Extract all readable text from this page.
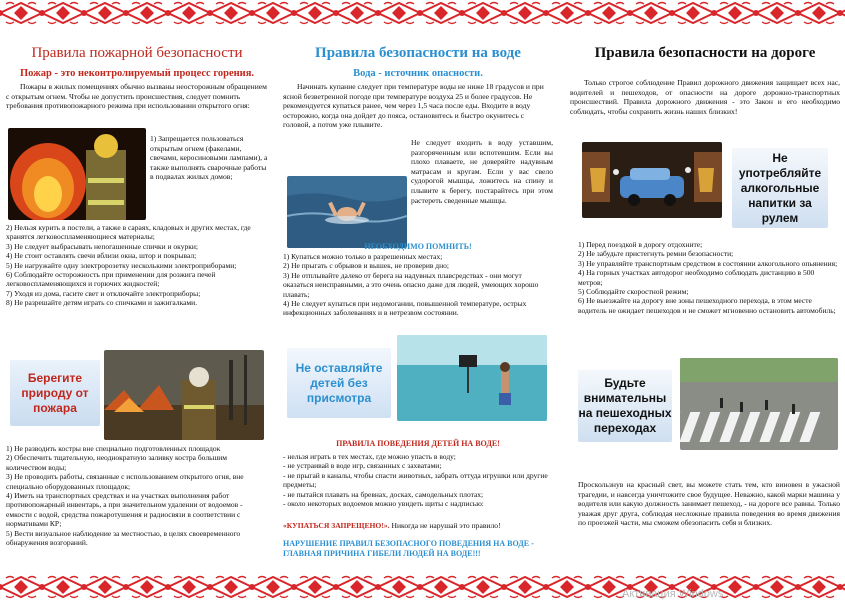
Правила пожарной безопасности
Пожар - это неконтролируемый процесс горения.

Пожары в жилых помещениях обычно вызваны неосторожным обращением с открытым огнем. Чтобы не допустить происшествия, следует помнить требования противопожарного режима при использовании открытого огня:

1) Запрещается пользоваться открытым огнем (факелами, свечами, керосиновыми лампами), а также выполнять сварочные работы в подвалах жилых домов;

2) Нельзя курить в постели, а также в сараях, кладовых и других местах, где хранятся легковоспламеняющиеся материалы;
3) Не следует выбрасывать непогашенные спички и окурки;
4) Не стоит оставлять свечи вблизи окна, штор и покрывал;
5) Не нагружайте одну электророзетку несколькими электроприборами;
6) Соблюдайте осторожность при применении для розжига печей легковоспламеняющихся и горючих жидкостей;
7) Уходя из дома, гасите свет и отключайте электроприборы;
8) Не разрешайте детям играть со спичками и зажигалками.
Берегите природу от пожара
1) Не разводить костры вне специально подготовленных площадок
2) Обеспечить тщательную, неоднократную заливку костра большим количеством воды;
3) Не проводить работы, связанные с использованием открытого огня, вне специально оборудованных площадок;
4) Иметь на транспортных средствах и на участках выполнения работ противопожарный инвентарь, а при значительном удалении от водоемов - емкости с водой, средства пожаротушения и радиосвязи в соответствии с нормативами КР;
5) Вести визуальное наблюдение за местностью, в целях своевременного обнаружения возгораний.
Правила безопасности на воде
Вода - источник опасности.

Начинать купание следует при температуре воды не ниже 18 градусов и при ясной безветренной погоде при температуре воздуха 25 и более градусов. Не рекомендуется купаться ранее, чем через 1,5 часа после еды. Входите в воду осторожно, когда она дойдет до пояса, остановитесь и быстро окунитесь с головой, а потом уже плывите.

Не следует входить в воду уставшим, разгоряченным или вспотевшим. Если вы плохо плаваете, не доверяйте надувным матрасам и кругам. Если у вас свело судорогой мышцы, ложитесь на спину и плывите к берегу, постарайтесь при этом растереть сведенные мышцы.

НЕОБХОДИМО ПОМНИТЬ!
1) Купаться можно только в разрешенных местах;
2) Не прыгать с обрывов и вышек, не проверив дно;
3) Не отплывайте далеко от берега на надувных плавсредствах - они могут оказаться неисправными, а это очень опасно даже для людей, умеющих хорошо плавать;
4) Не следует купаться при недомогании, повышенной температуре, острых инфекционных заболеваниях и в нетрезвом состоянии.
Не оставляйте детей без присмотра
ПРАВИЛА ПОВЕДЕНИЯ ДЕТЕЙ НА ВОДЕ!
- нельзя играть в тех местах, где можно упасть в воду;
- не устраивай в воде игр, связанных с захватами;
- не прыгай в каналы, чтобы спасти животных, забрать оттуда игрушки или другие предметы;
- не пытайся плавать на бревнах, досках, самодельных плотах;
- около некоторых водоемов можно увидеть щиты с надписью:

«КУПАТЬСЯ ЗАПРЕЩЕНО!». Никогда не нарушай это правило!

НАРУШЕНИЕ ПРАВИЛ БЕЗОПАСНОГО ПОВЕДЕНИЯ НА ВОДЕ - ГЛАВНАЯ ПРИЧИНА ГИБЕЛИ ЛЮДЕЙ НА ВОДЕ!!!

Правила безопасности на дороге

Только строгое соблюдение Правил дорожного движения защищает всех нас, водителей и пешеходов, от опасности на дороге дорожно-транспортных происшествий. Правила дорожного движения - это Закон и его необходимо соблюдать, чтобы сохранить жизнь наших близких!

Не употребляйте алкогольные напитки за рулем
1) Перед поездкой в дорогу отдохните;
2) Не забудьте пристегнуть ремни безопасности;
3) Не управляйте транспортным средством в состоянии алкогольного опьянения;
4) На горных участках автодорог необходимо соблюдать дистанцию в 500 метров;
5) Соблюдайте скоростной режим;
6) Не выезжайте на дорогу вне зоны пешеходного перехода, в этом месте водитель не ожидает пешеходов и не сможет мгновенно остановить автомобиль;
Будьте внимательны на пешеходных переходах

Проскользнув на красный свет, вы можете стать тем, кто виновен в ужасной трагедии, и навсегда уничтожите свое будущее. Неважно, какой марки машина у водителя или какую должность занимает пешеход, - на дороге все равны. Только уважая друг друга, соблюдая несложные правила поведения во время движения по проезжей части, мы сможем обезопасить себя и близких.

Активация Windows
